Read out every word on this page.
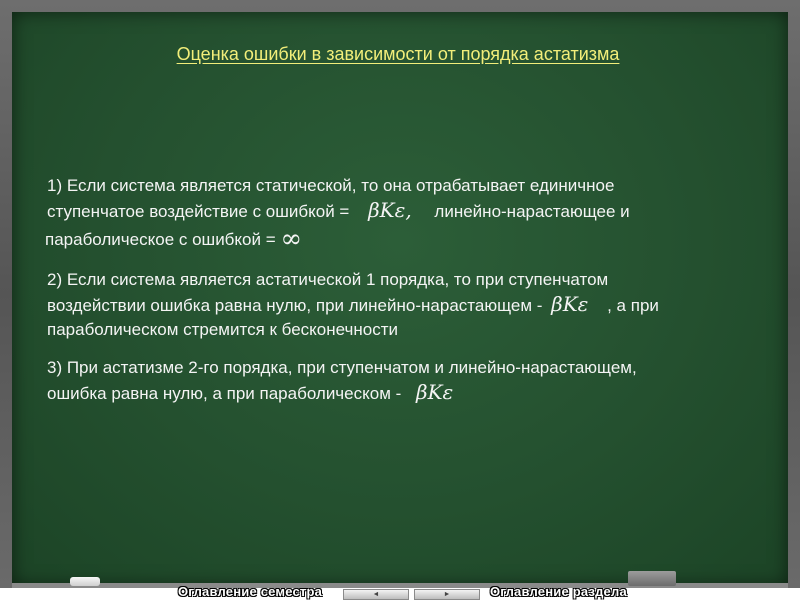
Оценка ошибки в зависимости от порядка астатизма
1) Если система является статической, то она отрабатывает единичное
ступенчатое воздействие с ошибкой = βKε, линейно-нарастающее и
параболическое с ошибкой = ∞
2) Если система является астатической 1 порядка, то при ступенчатом
воздействии ошибка равна нулю, при линейно-нарастающем - βKε , а при
параболическом стремится к бесконечности
3) При астатизме 2-го порядка, при ступенчатом и линейно-нарастающем,
ошибка равна нулю, а при параболическом - βKε
Оглавление семестра	◄	►	Оглавление раздела
